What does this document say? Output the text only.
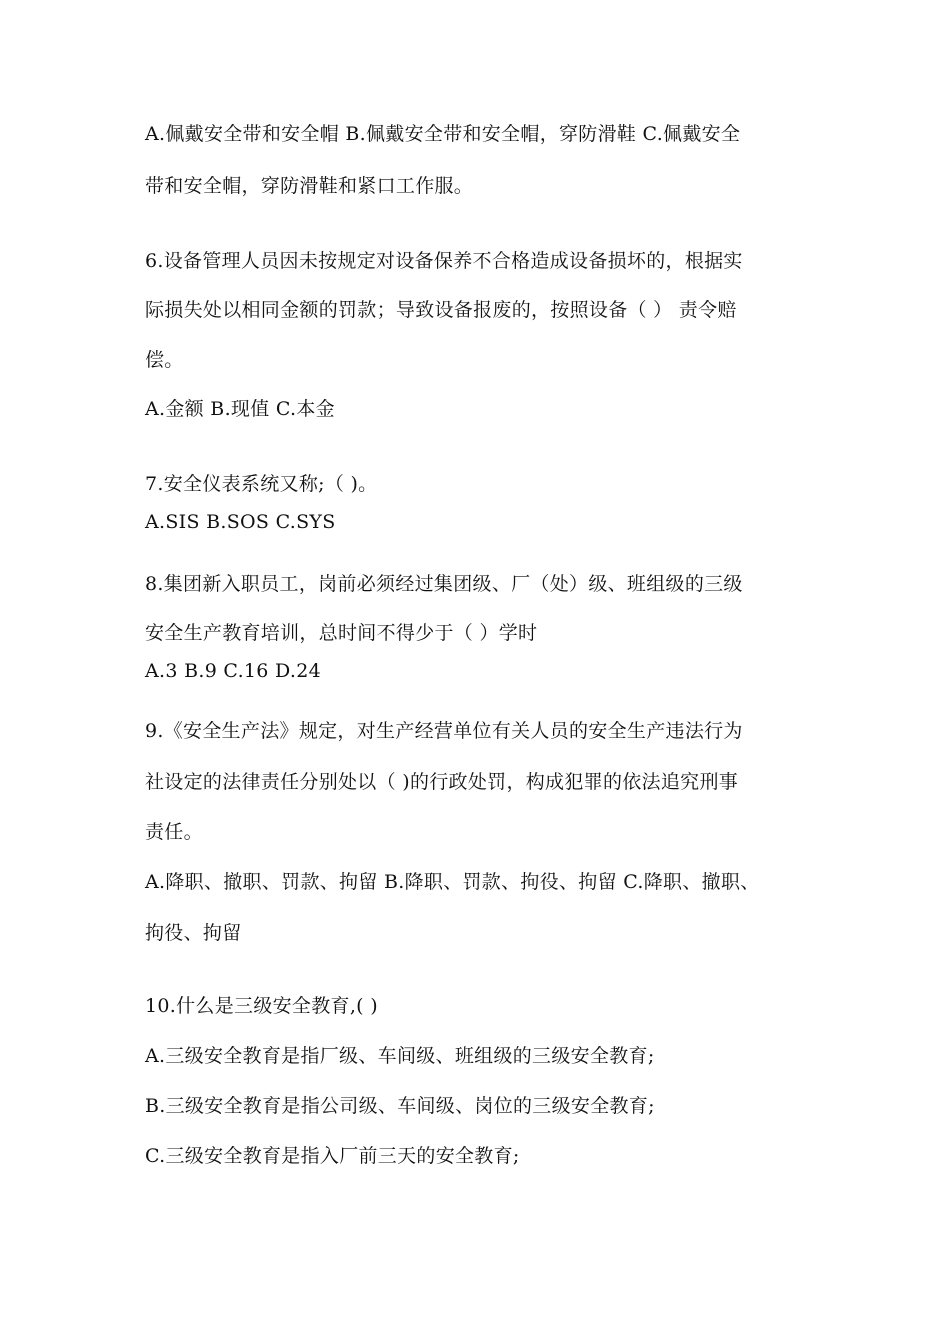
A.佩戴安全带和安全帽 B.佩戴安全带和安全帽，穿防滑鞋 C.佩戴安全
带和安全帽，穿防滑鞋和紧口工作服。
6.设备管理人员因未按规定对设备保养不合格造成设备损坏的，根据实
际损失处以相同金额的罚款；导致设备报废的，按照设备（ ） 责令赔
偿。
A.金额 B.现值 C.本金
7.安全仪表系统又称;（ )。
A.SIS B.SOS C.SYS
8.集团新入职员工，岗前必须经过集团级、厂（处）级、班组级的三级
安全生产教育培训，总时间不得少于（ ）学时
A.3 B.9 C.16 D.24
9.《安全生产法》规定，对生产经营单位有关人员的安全生产违法行为
社设定的法律责任分别处以（ )的行政处罚，构成犯罪的依法追究刑事
责任。
A.降职、撤职、罚款、拘留 B.降职、罚款、拘役、拘留 C.降职、撤职、
拘役、拘留
10.什么是三级安全教育,( )
A.三级安全教育是指厂级、车间级、班组级的三级安全教育;
B.三级安全教育是指公司级、车间级、岗位的三级安全教育;
C.三级安全教育是指入厂前三天的安全教育;
